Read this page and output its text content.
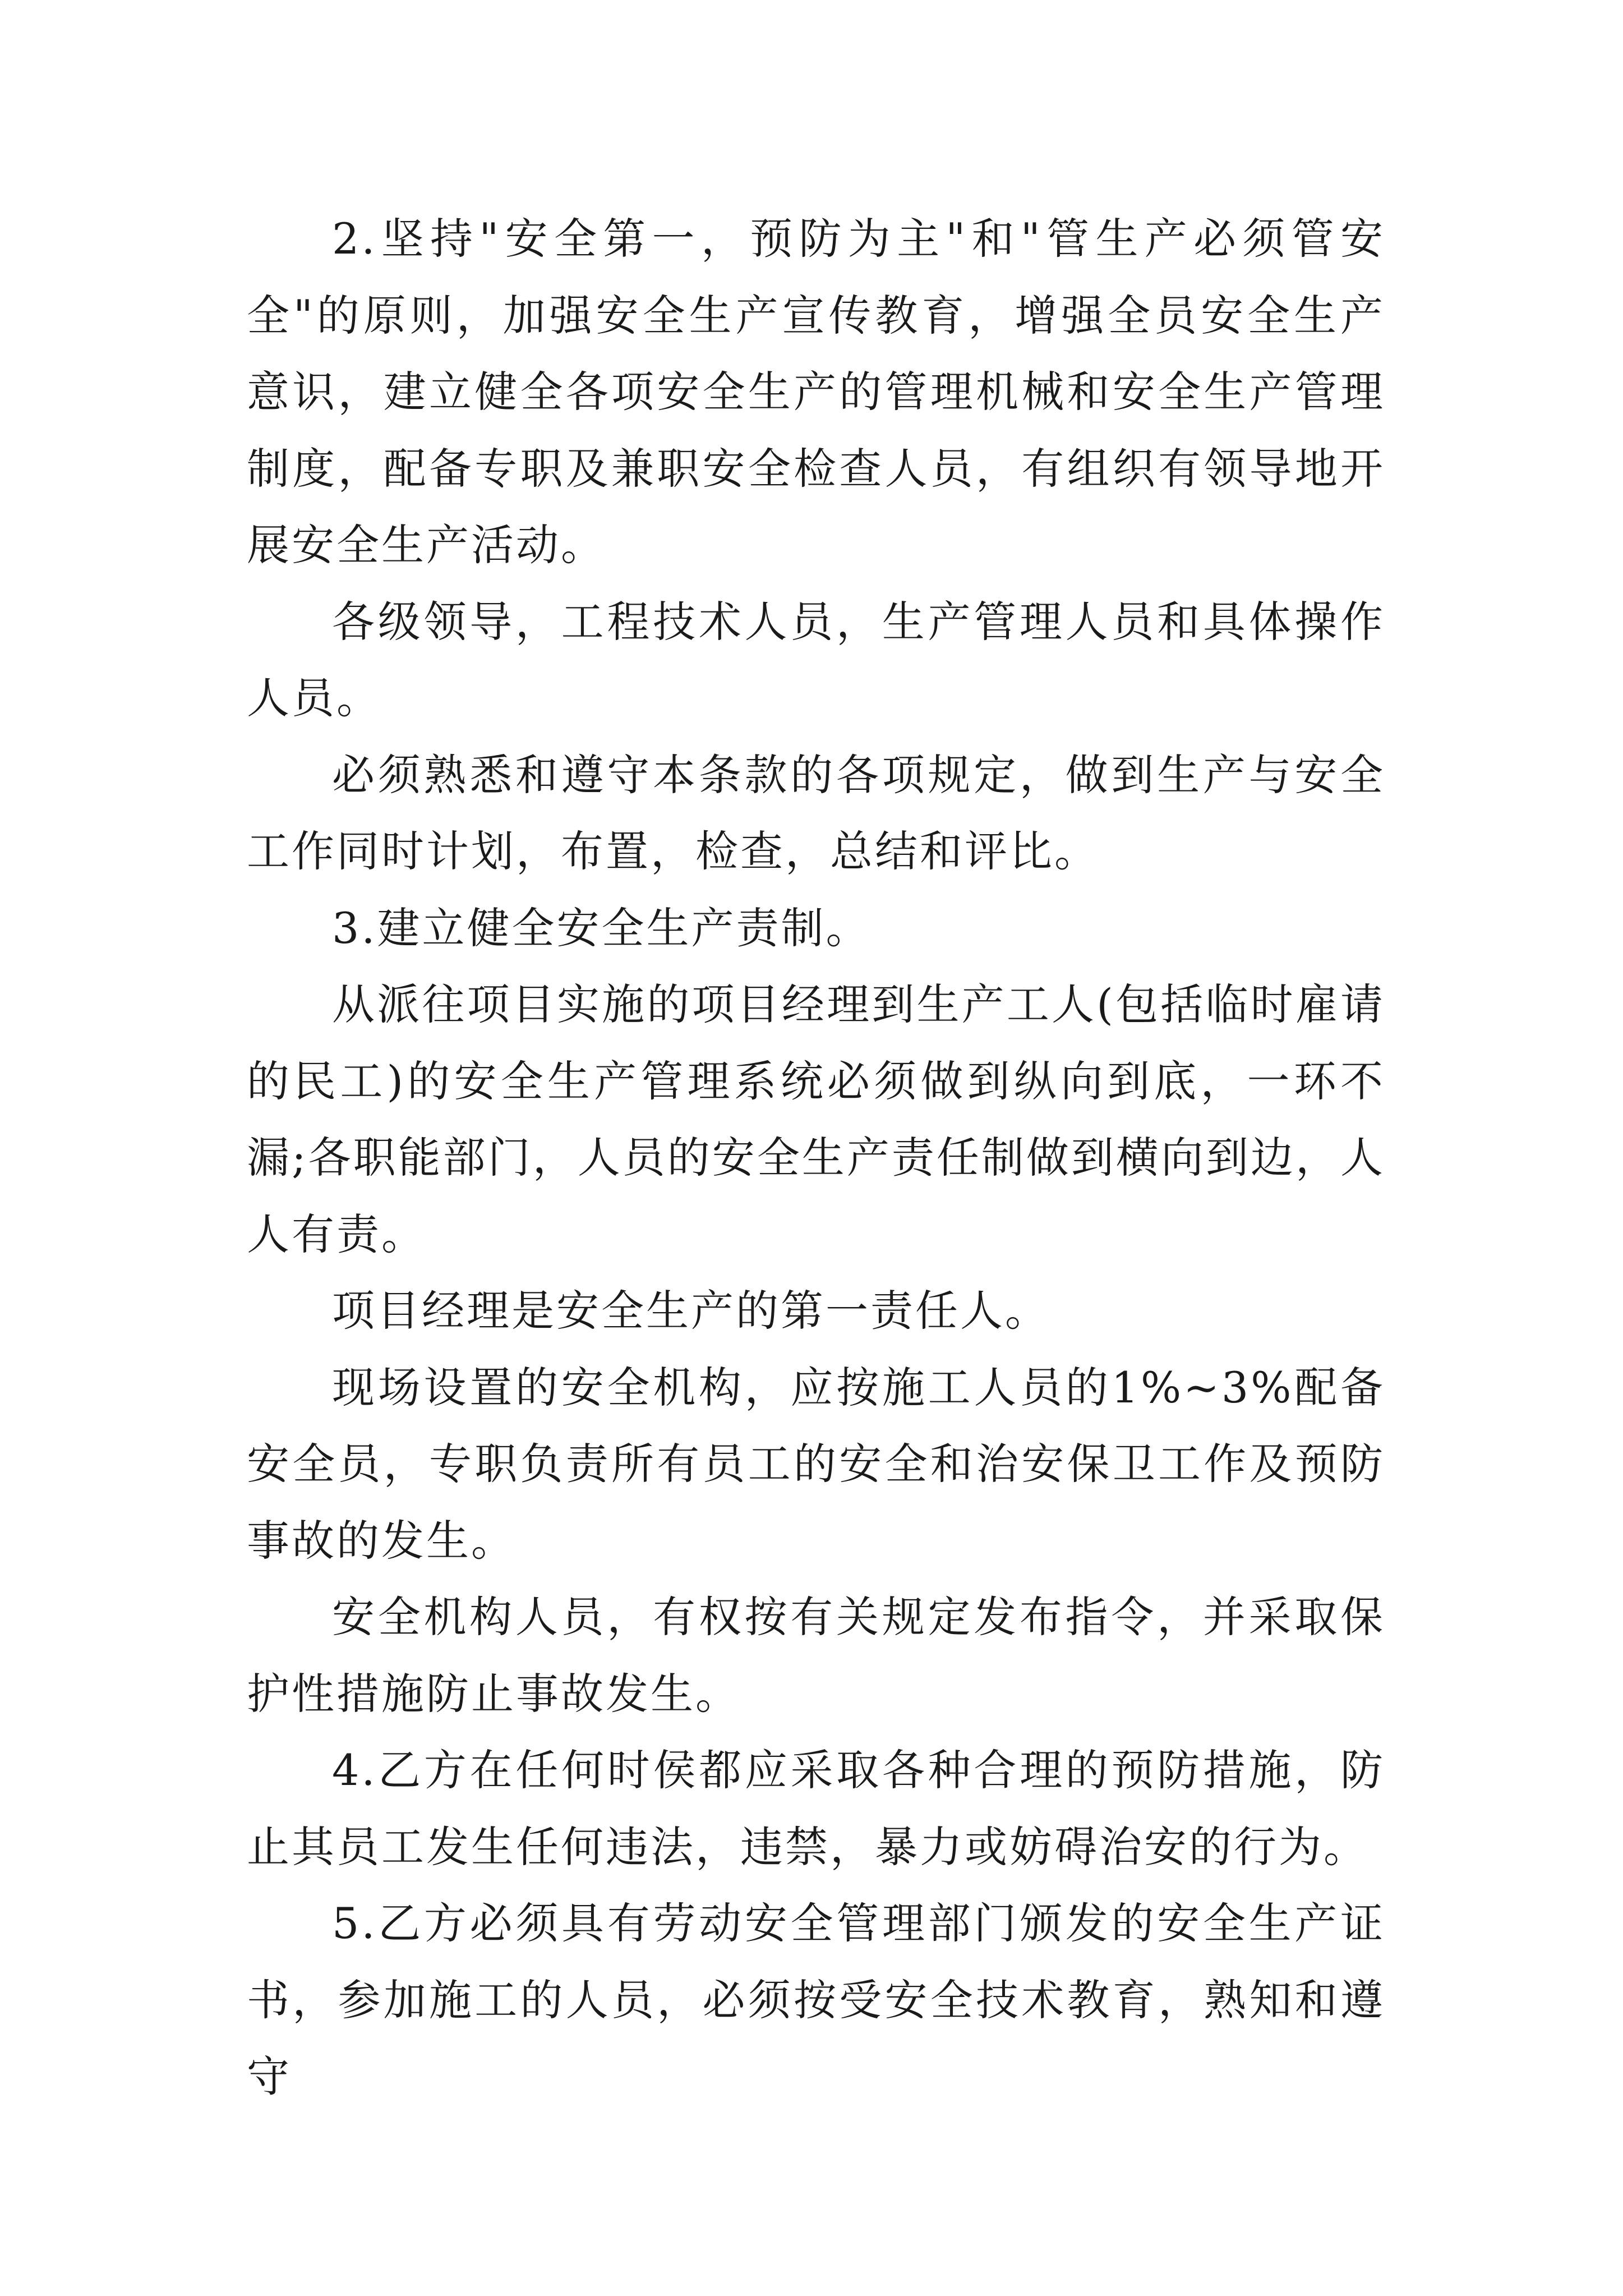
2.坚持"安全第一，预防为主"和"管生产必须管安全"的原则，加强安全生产宣传教育，增强全员安全生产意识，建立健全各项安全生产的管理机械和安全生产管理制度，配备专职及兼职安全检查人员，有组织有领导地开展安全生产活动。

各级领导，工程技术人员，生产管理人员和具体操作人员。

必须熟悉和遵守本条款的各项规定，做到生产与安全工作同时计划，布置，检查，总结和评比。

3.建立健全安全生产责制。

从派往项目实施的项目经理到生产工人(包括临时雇请的民工)的安全生产管理系统必须做到纵向到底，一环不漏;各职能部门，人员的安全生产责任制做到横向到边，人人有责。

项目经理是安全生产的第一责任人。

现场设置的安全机构，应按施工人员的1%~3%配备安全员，专职负责所有员工的安全和治安保卫工作及预防事故的发生。

安全机构人员，有权按有关规定发布指令，并采取保护性措施防止事故发生。

4.乙方在任何时侯都应采取各种合理的预防措施，防止其员工发生任何违法，违禁，暴力或妨碍治安的行为。

5.乙方必须具有劳动安全管理部门颁发的安全生产证书，参加施工的人员，必须按受安全技术教育，熟知和遵守
